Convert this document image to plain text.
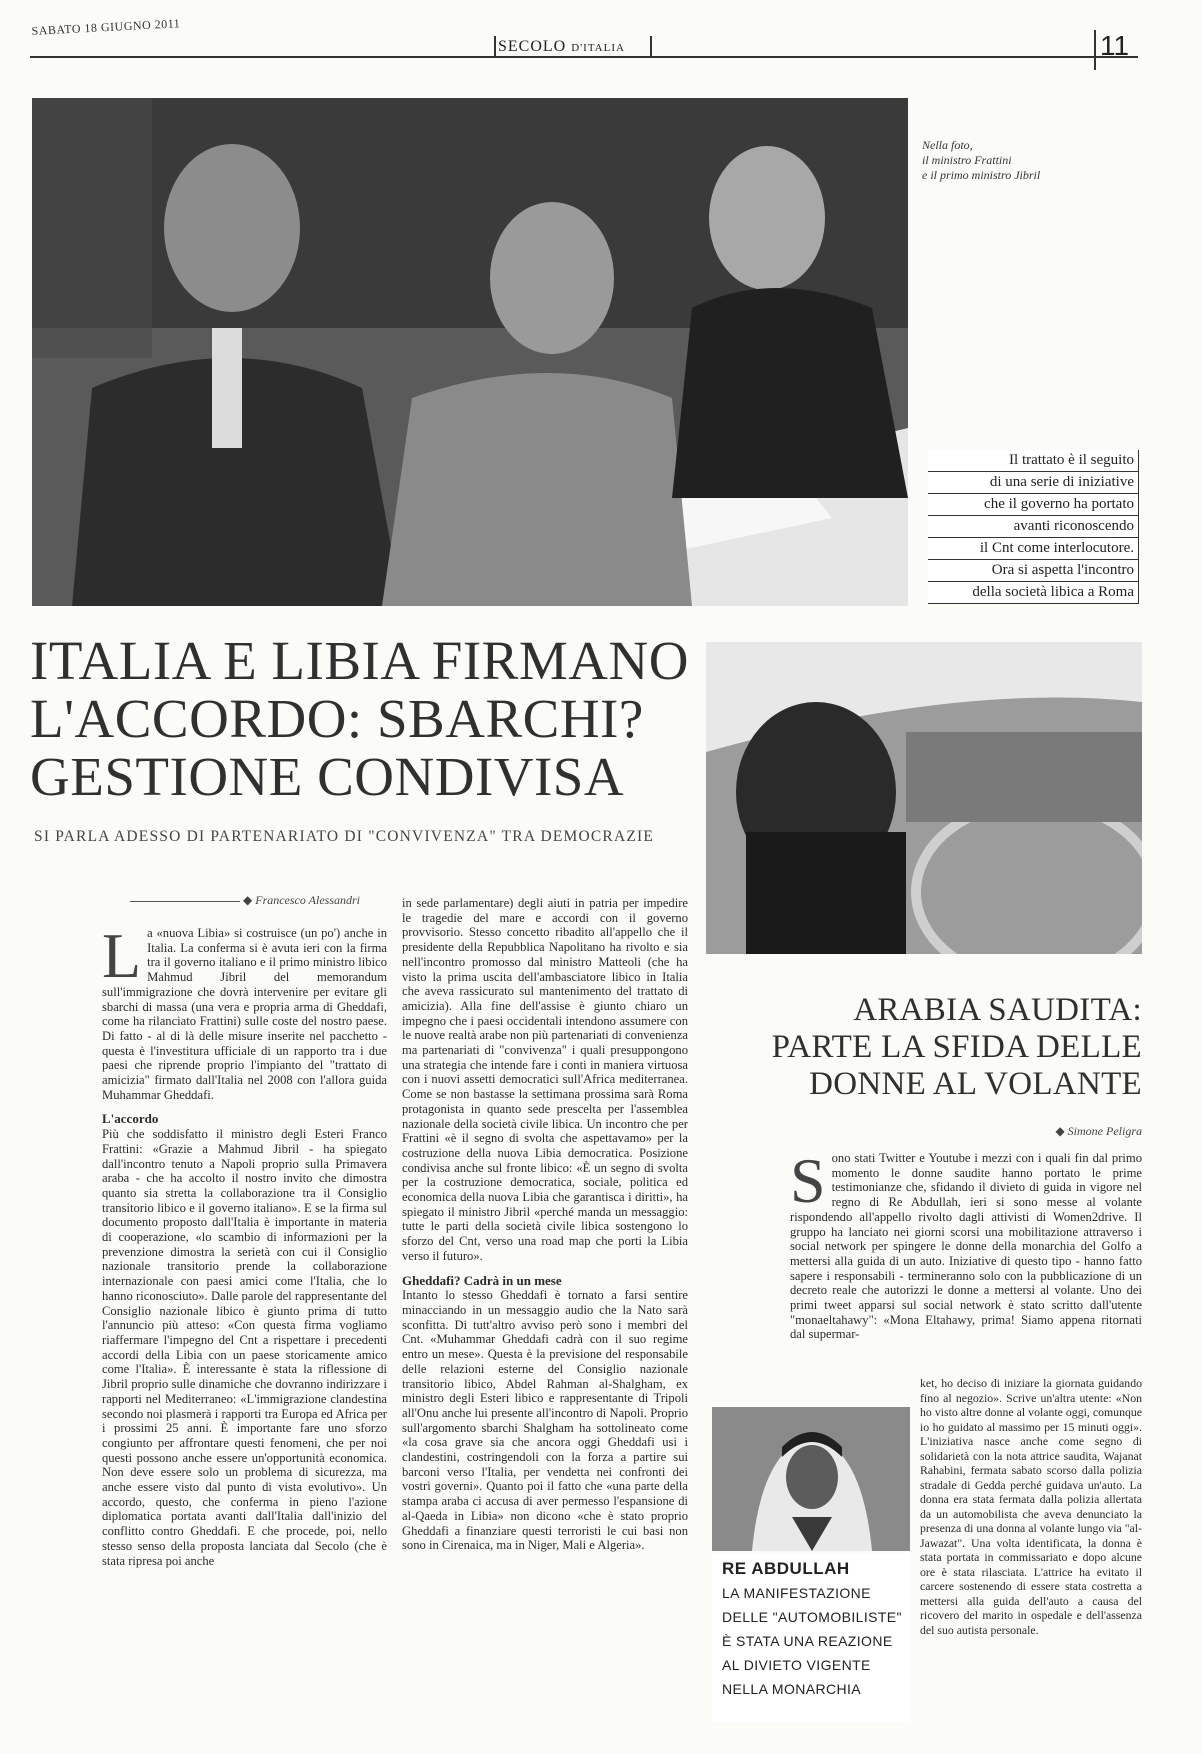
SABATO 18 GIUGNO 2011
SECOLO D'ITALIA	11
Nella foto,
il ministro Frattini
e il primo ministro Jibril
Il trattato è il seguito
di una serie di iniziative
che il governo ha portato
avanti riconoscendo
il Cnt come interlocutore.
Ora si aspetta l'incontro
della società libica a Roma
ITALIA E LIBIA FIRMANO
L'ACCORDO: SBARCHI?
GESTIONE CONDIVISA
SI PARLA ADESSO DI PARTENARIATO DI "CONVIVENZA" TRA DEMOCRAZIE
◆ Francesco Alessandri

La «nuova Libia» si costruisce (un po') anche in Italia. La conferma si è avuta ieri con la firma tra il governo italiano e il primo ministro libico Mahmud Jibril del memorandum sull'immigrazione che dovrà intervenire per evitare gli sbarchi di massa (una vera e propria arma di Gheddafi, come ha rilanciato Frattini) sulle coste del nostro paese. Di fatto - al di là delle misure inserite nel pacchetto - questa è l'investitura ufficiale di un rapporto tra i due paesi che riprende proprio l'impianto del "trattato di amicizia" firmato dall'Italia nel 2008 con l'allora guida Muhammar Gheddafi.

L'accordo

Più che soddisfatto il ministro degli Esteri Franco Frattini: «Grazie a Mahmud Jibril - ha spiegato dall'incontro tenuto a Napoli proprio sulla Primavera araba - che ha accolto il nostro invito che dimostra quanto sia stretta la collaborazione tra il Consiglio transitorio libico e il governo italiano». E se la firma sul documento proposto dall'Italia è importante in materia di cooperazione, «lo scambio di informazioni per la prevenzione dimostra la serietà con cui il Consiglio nazionale transitorio prende la collaborazione internazionale con paesi amici come l'Italia, che lo hanno riconosciuto». Dalle parole del rappresentante del Consiglio nazionale libico è giunto prima di tutto l'annuncio più atteso: «Con questa firma vogliamo riaffermare l'impegno del Cnt a rispettare i precedenti accordi della Libia con un paese storicamente amico come l'Italia». È interessante è stata la riflessione di Jibril proprio sulle dinamiche che dovranno indirizzare i rapporti nel Mediterraneo: «L'immigrazione clandestina secondo noi plasmerà i rapporti tra Europa ed Africa per i prossimi 25 anni. È importante fare uno sforzo congiunto per affrontare questi fenomeni, che per noi questi possono anche essere un'opportunità economica. Non deve essere solo un problema di sicurezza, ma anche essere visto dal punto di vista evolutivo». Un accordo, questo, che conferma in pieno l'azione diplomatica portata avanti dall'Italia dall'inizio del conflitto contro Gheddafi. E che procede, poi, nello stesso senso della proposta lanciata dal Secolo (che è stata ripresa poi anche

in sede parlamentare) degli aiuti in patria per impedire le tragedie del mare e accordi con il governo provvisorio. Stesso concetto ribadito all'appello che il presidente della Repubblica Napolitano ha rivolto e sia nell'incontro promosso dal ministro Matteoli (che ha visto la prima uscita dell'ambasciatore libico in Italia che aveva rassicurato sul mantenimento del trattato di amicizia). Alla fine dell'assise è giunto chiaro un impegno che i paesi occidentali intendono assumere con le nuove realtà arabe non più partenariati di convenienza ma partenariati di "convivenza" i quali presuppongono una strategia che intende fare i conti in maniera virtuosa con i nuovi assetti democratici sull'Africa mediterranea. Come se non bastasse la settimana prossima sarà Roma protagonista in quanto sede prescelta per l'assemblea nazionale della società civile libica. Un incontro che per Frattini «è il segno di svolta che aspettavamo» per la costruzione della nuova Libia democratica. Posizione condivisa anche sul fronte libico: «È un segno di svolta per la costruzione democratica, sociale, politica ed economica della nuova Libia che garantisca i diritti», ha spiegato il ministro Jibril «perché manda un messaggio: tutte le parti della società civile libica sostengono lo sforzo del Cnt, verso una road map che porti la Libia verso il futuro».

Gheddafi? Cadrà in un mese

Intanto lo stesso Gheddafi è tornato a farsi sentire minacciando in un messaggio audio che la Nato sarà sconfitta. Di tutt'altro avviso però sono i membri del Cnt. «Muhammar Gheddafi cadrà con il suo regime entro un mese». Questa è la previsione del responsabile delle relazioni esterne del Consiglio nazionale transitorio libico, Abdel Rahman al-Shalgham, ex ministro degli Esteri libico e rappresentante di Tripoli all'Onu anche lui presente all'incontro di Napoli. Proprio sull'argomento sbarchi Shalgham ha sottolineato come «la cosa grave sia che ancora oggi Gheddafi usi i clandestini, costringendoli con la forza a partire sui barconi verso l'Italia, per vendetta nei confronti dei vostri governi». Quanto poi il fatto che «una parte della stampa araba ci accusa di aver permesso l'espansione di al-Qaeda in Libia» non dicono «che è stato proprio Gheddafi a finanziare questi terroristi le cui basi non sono in Cirenaica, ma in Niger, Mali e Algeria».

ARABIA SAUDITA:
PARTE LA SFIDA DELLE
DONNE AL VOLANTE
◆ Simone Peligra

Sono stati Twitter e Youtube i mezzi con i quali fin dal primo momento le donne saudite hanno portato le prime testimonianze che, sfidando il divieto di guida in vigore nel regno di Re Abdullah, ieri si sono messe al volante rispondendo all'appello rivolto dagli attivisti di Women2drive. Il gruppo ha lanciato nei giorni scorsi una mobilitazione attraverso i social network per spingere le donne della monarchia del Golfo a mettersi alla guida di un auto. Iniziative di questo tipo - hanno fatto sapere i responsabili - termineranno solo con la pubblicazione di un decreto reale che autorizzi le donne a mettersi al volante. Uno dei primi tweet apparsi sul social network è stato scritto dall'utente "monaeltahawy": «Mona Eltahawy, prima! Siamo appena ritornati dal supermar-

RE ABDULLAH
LA MANIFESTAZIONE
DELLE "AUTOMOBILISTE"
È STATA UNA REAZIONE
AL DIVIETO VIGENTE
NELLA MONARCHIA

ket, ho deciso di iniziare la giornata guidando fino al negozio». Scrive un'altra utente: «Non ho visto altre donne al volante oggi, comunque io ho guidato al massimo per 15 minuti oggi». L'iniziativa nasce anche come segno di solidarietà con la nota attrice saudita, Wajanat Rahabini, fermata sabato scorso dalla polizia stradale di Gedda perché guidava un'auto. La donna era stata fermata dalla polizia allertata da un automobilista che aveva denunciato la presenza di una donna al volante lungo via "al-Jawazat". Una volta identificata, la donna è stata portata in commissariato e dopo alcune ore è stata rilasciata. L'attrice ha evitato il carcere sostenendo di essere stata costretta a mettersi alla guida dell'auto a causa del ricovero del marito in ospedale e dell'assenza del suo autista personale.
